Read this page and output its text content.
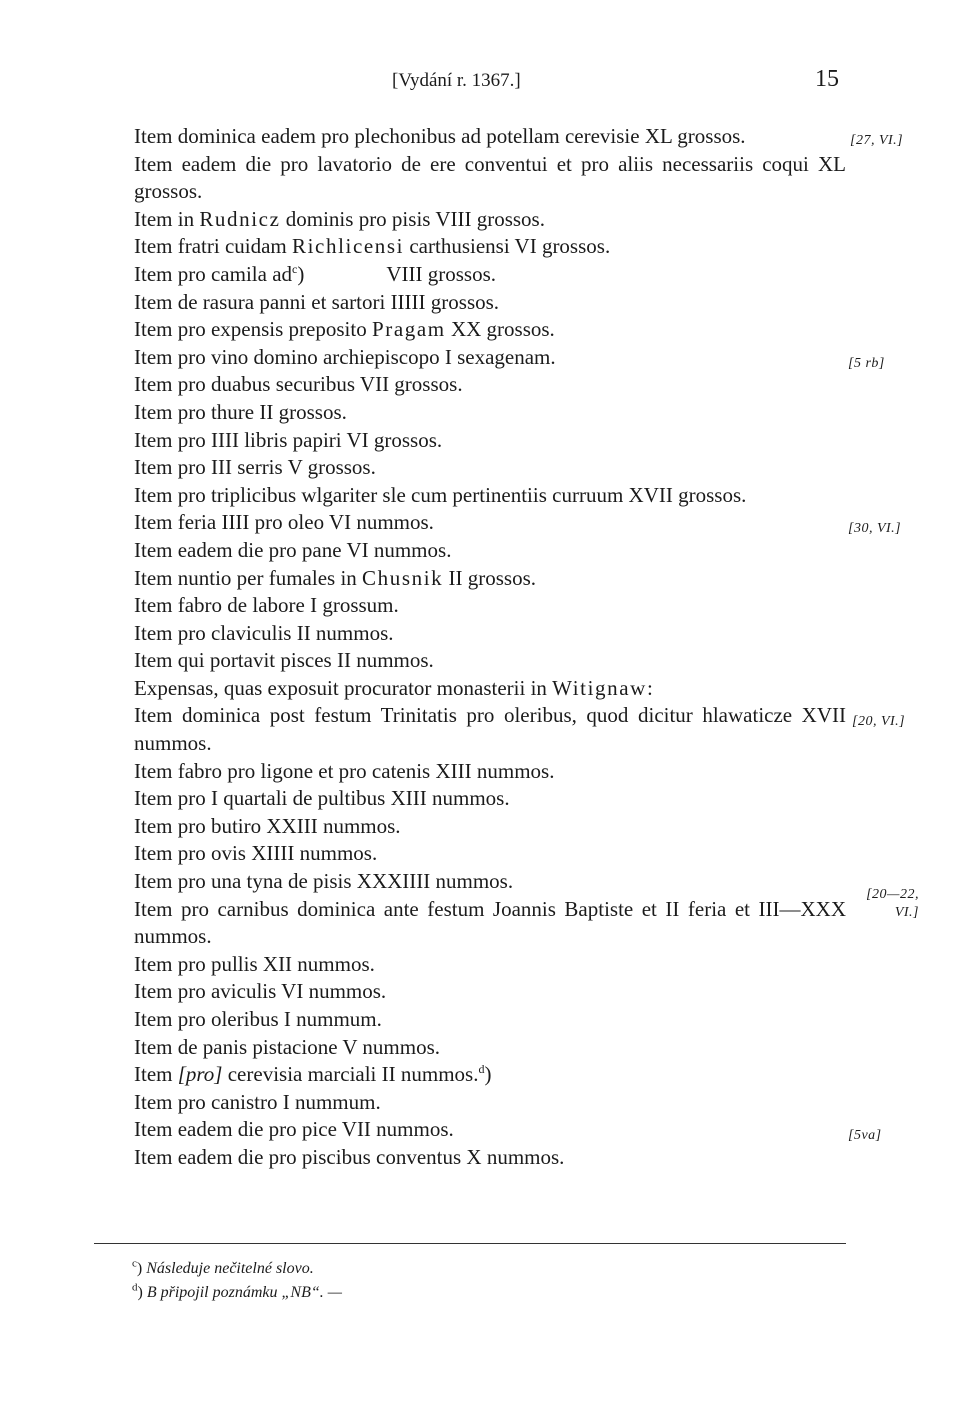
[Vydání r. 1367.]	15
Item dominica eadem pro plechonibus ad potellam cerevisie XL grossos.	[27, VI.]
Item eadem die pro lavatorio de ere conventui et pro aliis necessariis coqui XL grossos.
Item in Rudnicz dominis pro pisis VIII grossos.
Item fratri cuidam Richlicensi carthusiensi VI grossos.
Item pro camila $ad^c$)	VIII grossos.
Item de rasura panni et sartori IIIII grossos.
Item pro expensis preposito Pragam XX grossos.
Item pro vino domino archiepiscopo I sexagenam.	[5 rb]
Item pro duabus securibus VII grossos.
Item pro thure II grossos.
Item pro IIII libris papiri VI grossos.
Item pro III serris V grossos.
Item pro triplicibus wlgariter sle cum pertinentiis curruum XVII grossos.
Item feria IIII pro oleo VI nummos.	[30, VI.]
Item eadem die pro pane VI nummos.
Item nuntio per fumales in Chusnik II grossos.
Item fabro de labore I grossum.
Item pro claviculis II nummos.
Item qui portavit pisces II nummos.
Expensas, quas exposuit procurator monasterii in Witignaw:
Item dominica post festum Trinitatis pro oleribus, quod dicitur hlawaticze XVII nummos.
[20, VI.]
Item fabro pro ligone et pro catenis XIII nummos.
Item pro I quartali de pultibus XIII nummos.
Item pro butiro XXIII nummos.
Item pro ovis XIIII nummos.
Item pro una tyna de pisis XXXIIII nummos.
Item pro carnibus dominica ante festum Joannis Baptiste et II feria et III—XXX nummos.
[20—22, VI.]
Item pro pullis XII nummos.
Item pro aviculis VI nummos.
Item pro oleribus I nummum.
Item de panis pistacione V nummos.
Item [pro] cerevisia marciali II nummos.$^d$)
Item pro canistro I nummum.
Item eadem die pro pice VII nummos.	[5va]
Item eadem die pro piscibus conventus X nummos.
$^c$) Následuje nečitelné slovo.
$^d$) B připojil poznámku „NB“. —
